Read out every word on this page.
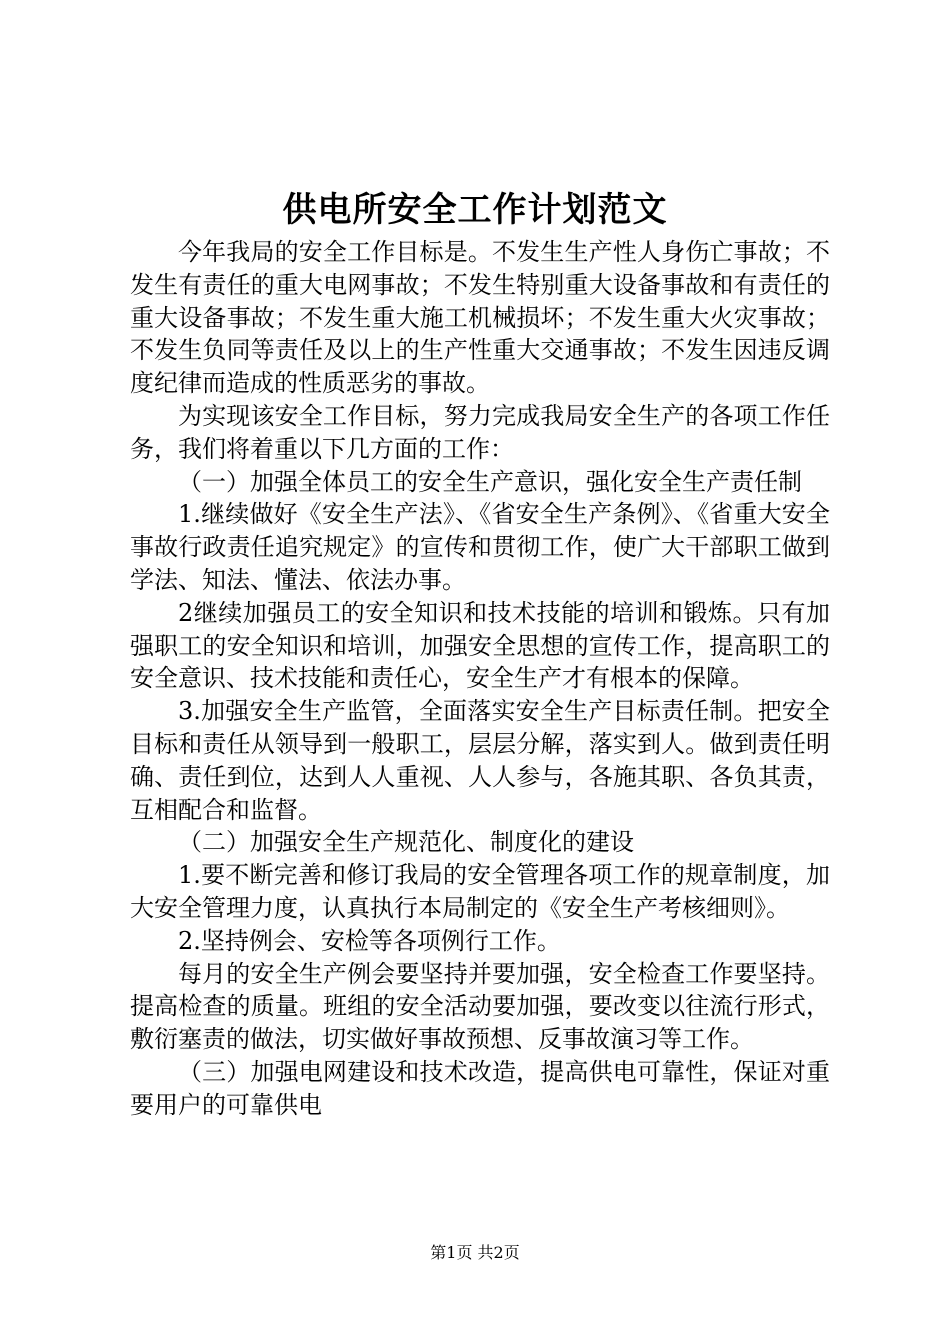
供电所安全工作计划范文

今年我局的安全工作目标是。不发生生产性人身伤亡事故；不发生有责任的重大电网事故；不发生特别重大设备事故和有责任的重大设备事故；不发生重大施工机械损坏；不发生重大火灾事故；不发生负同等责任及以上的生产性重大交通事故；不发生因违反调度纪律而造成的性质恶劣的事故。

为实现该安全工作目标，努力完成我局安全生产的各项工作任务，我们将着重以下几方面的工作：

（一）加强全体员工的安全生产意识，强化安全生产责任制

1.继续做好《安全生产法》、《省安全生产条例》、《省重大安全事故行政责任追究规定》的宣传和贯彻工作，使广大干部职工做到学法、知法、懂法、依法办事。

2继续加强员工的安全知识和技术技能的培训和锻炼。只有加强职工的安全知识和培训，加强安全思想的宣传工作，提高职工的安全意识、技术技能和责任心，安全生产才有根本的保障。

3.加强安全生产监管，全面落实安全生产目标责任制。把安全目标和责任从领导到一般职工，层层分解，落实到人。做到责任明确、责任到位，达到人人重视、人人参与，各施其职、各负其责，互相配合和监督。

（二）加强安全生产规范化、制度化的建设

1.要不断完善和修订我局的安全管理各项工作的规章制度，加大安全管理力度，认真执行本局制定的《安全生产考核细则》。

2.坚持例会、安检等各项例行工作。

每月的安全生产例会要坚持并要加强，安全检查工作要坚持。提高检查的质量。班组的安全活动要加强，要改变以往流行形式，敷衍塞责的做法，切实做好事故预想、反事故演习等工作。

（三）加强电网建设和技术改造，提高供电可靠性，保证对重要用户的可靠供电

第1页 共2页
